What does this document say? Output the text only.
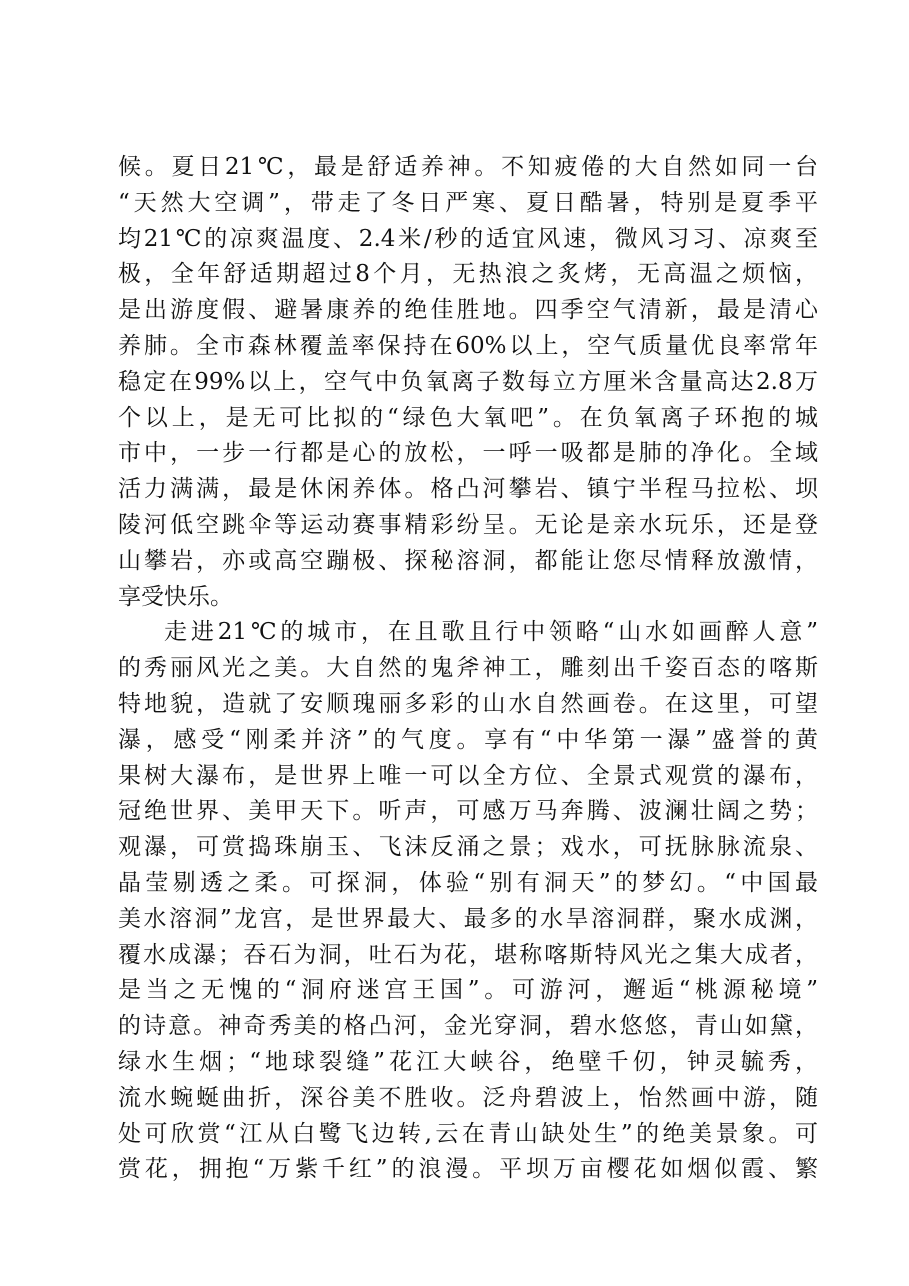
候。夏日21℃，最是舒适养神。不知疲倦的大自然如同一台
“天然大空调”，带走了冬日严寒、夏日酷暑，特别是夏季平
均21℃的凉爽温度、2.4米/秒的适宜风速，微风习习、凉爽至
极，全年舒适期超过8个月，无热浪之炙烤，无高温之烦恼，
是出游度假、避暑康养的绝佳胜地。四季空气清新，最是清心
养肺。全市森林覆盖率保持在60%以上，空气质量优良率常年
稳定在99%以上，空气中负氧离子数每立方厘米含量高达2.8万
个以上，是无可比拟的“绿色大氧吧”。在负氧离子环抱的城
市中，一步一行都是心的放松，一呼一吸都是肺的净化。全域
活力满满，最是休闲养体。格凸河攀岩、镇宁半程马拉松、坝
陵河低空跳伞等运动赛事精彩纷呈。无论是亲水玩乐，还是登
山攀岩，亦或高空蹦极、探秘溶洞，都能让您尽情释放激情，
享受快乐。
走进21℃的城市，在且歌且行中领略“山水如画醉人意”
的秀丽风光之美。大自然的鬼斧神工，雕刻出千姿百态的喀斯
特地貌，造就了安顺瑰丽多彩的山水自然画卷。在这里，可望
瀑，感受“刚柔并济”的气度。享有“中华第一瀑”盛誉的黄
果树大瀑布，是世界上唯一可以全方位、全景式观赏的瀑布，
冠绝世界、美甲天下。听声，可感万马奔腾、波澜壮阔之势；
观瀑，可赏捣珠崩玉、飞沫反涌之景；戏水，可抚脉脉流泉、
晶莹剔透之柔。可探洞，体验“别有洞天”的梦幻。“中国最
美水溶洞”龙宫，是世界最大、最多的水旱溶洞群，聚水成渊，
覆水成瀑；吞石为洞，吐石为花，堪称喀斯特风光之集大成者，
是当之无愧的“洞府迷宫王国”。可游河，邂逅“桃源秘境”
的诗意。神奇秀美的格凸河，金光穿洞，碧水悠悠，青山如黛，
绿水生烟；“地球裂缝”花江大峡谷，绝壁千仞，钟灵毓秀，
流水蜿蜒曲折，深谷美不胜收。泛舟碧波上，怡然画中游，随
处可欣赏“江从白鹭飞边转,云在青山缺处生”的绝美景象。可
赏花，拥抱“万紫千红”的浪漫。平坝万亩樱花如烟似霞、繁
